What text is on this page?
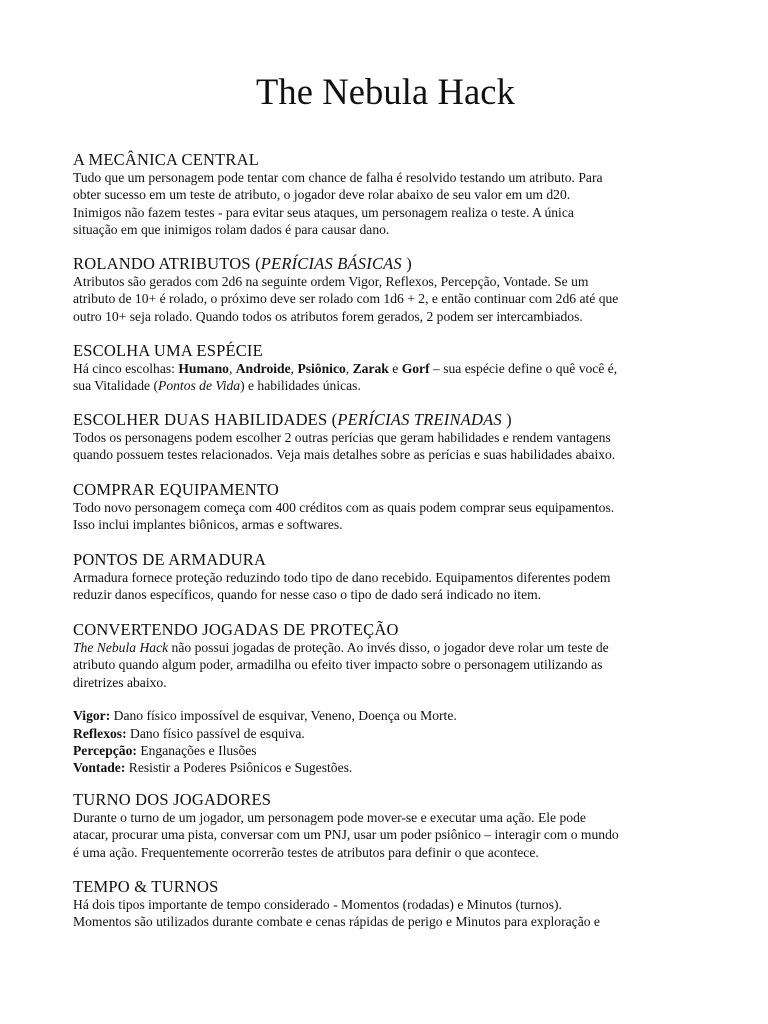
The Nebula Hack
A MECÂNICA CENTRAL

Tudo que um personagem pode tentar com chance de falha é resolvido testando um atributo. Para
obter sucesso em um teste de atributo, o jogador deve rolar abaixo de seu valor em um d20.
Inimigos não fazem testes - para evitar seus ataques, um personagem realiza o teste. A única
situação em que inimigos rolam dados é para causar dano.

ROLANDO ATRIBUTOS (PERÍCIAS BÁSICAS )

Atributos são gerados com 2d6 na seguinte ordem Vigor, Reflexos, Percepção, Vontade. Se um
atributo de 10+ é rolado, o próximo deve ser rolado com 1d6 + 2, e então continuar com 2d6 até que
outro 10+ seja rolado. Quando todos os atributos forem gerados, 2 podem ser intercambiados.

ESCOLHA UMA ESPÉCIE

Há cinco escolhas: Humano, Androide, Psiônico, Zarak e Gorf – sua espécie define o quê você é,
sua Vitalidade (Pontos de Vida) e habilidades únicas.

ESCOLHER DUAS HABILIDADES (PERÍCIAS TREINADAS )

Todos os personagens podem escolher 2 outras perícias que geram habilidades e rendem vantagens
quando possuem testes relacionados. Veja mais detalhes sobre as perícias e suas habilidades abaixo.

COMPRAR EQUIPAMENTO

Todo novo personagem começa com 400 créditos com as quais podem comprar seus equipamentos.
Isso inclui implantes biônicos, armas e softwares.

PONTOS DE ARMADURA

Armadura fornece proteção reduzindo todo tipo de dano recebido. Equipamentos diferentes podem
reduzir danos específicos, quando for nesse caso o tipo de dado será indicado no item.

CONVERTENDO JOGADAS DE PROTEÇÃO

The Nebula Hack não possui jogadas de proteção. Ao invés disso, o jogador deve rolar um teste de
atributo quando algum poder, armadilha ou efeito tiver impacto sobre o personagem utilizando as
diretrizes abaixo.

Vigor: Dano físico impossível de esquivar, Veneno, Doença ou Morte.
Reflexos: Dano físico passível de esquiva.
Percepção: Enganações e Ilusões
Vontade: Resistir a Poderes Psiônicos e Sugestões.

TURNO DOS JOGADORES

Durante o turno de um jogador, um personagem pode mover-se e executar uma ação. Ele pode
atacar, procurar uma pista, conversar com um PNJ, usar um poder psiônico – interagir com o mundo
é uma ação. Frequentemente ocorrerão testes de atributos para definir o que acontece.

TEMPO & TURNOS

Há dois tipos importante de tempo considerado - Momentos (rodadas) e Minutos (turnos).
Momentos são utilizados durante combate e cenas rápidas de perigo e Minutos para exploração e
